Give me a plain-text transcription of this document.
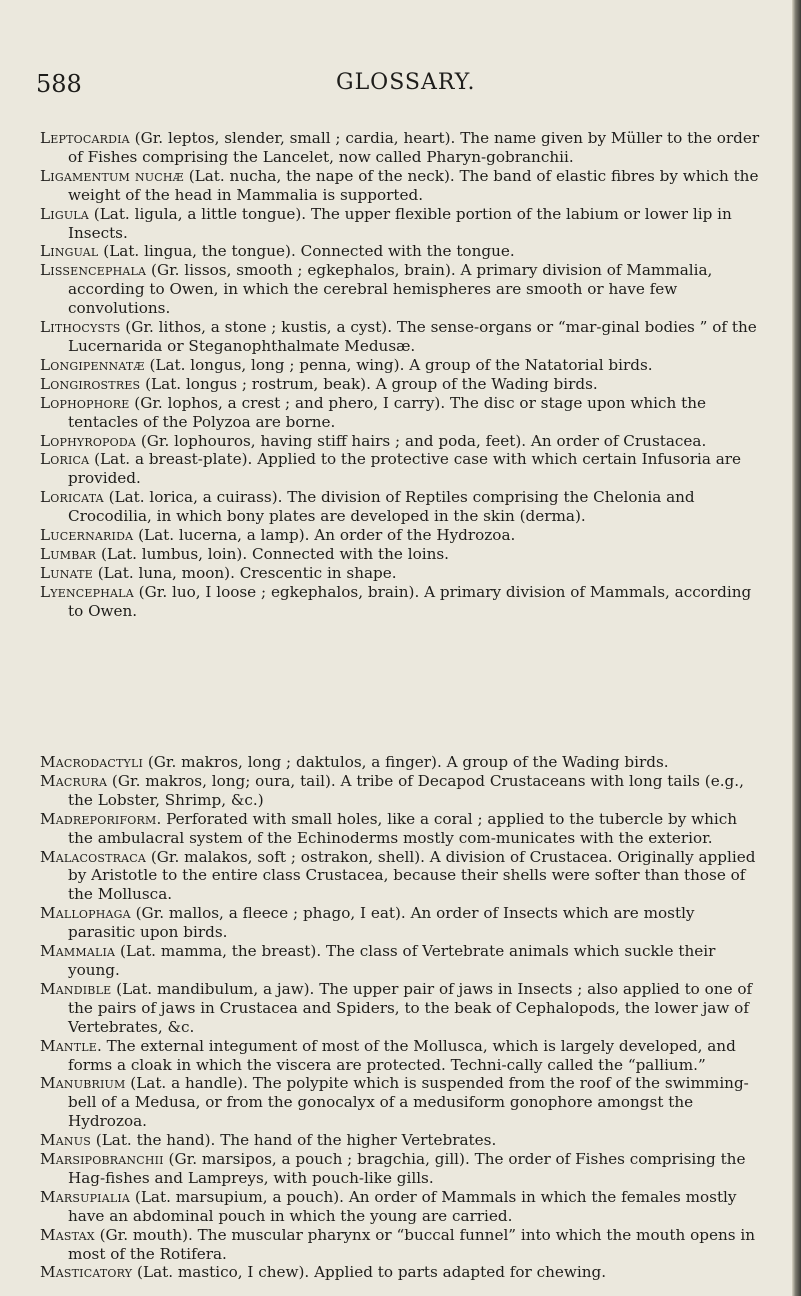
588	GLOSSARY.
Leptocardia (Gr. leptos, slender, small ; cardia, heart). The name given by Müller to the order of Fishes comprising the Lancelet, now called Pharyn-gobranchii.
Ligamentum nuchæ (Lat. nucha, the nape of the neck). The band of elastic fibres by which the weight of the head in Mammalia is supported.
Ligula (Lat. ligula, a little tongue). The upper flexible portion of the labium or lower lip in Insects.
Lingual (Lat. lingua, the tongue). Connected with the tongue.
Lissencephala (Gr. lissos, smooth ; egkephalos, brain). A primary division of Mammalia, according to Owen, in which the cerebral hemispheres are smooth or have few convolutions.
Lithocysts (Gr. lithos, a stone ; kustis, a cyst). The sense-organs or “mar-ginal bodies ” of the Lucernarida or Steganophthalmate Medusæ.
Longipennatæ (Lat. longus, long ; penna, wing). A group of the Natatorial birds.
Longirostres (Lat. longus ; rostrum, beak). A group of the Wading birds.
Lophophore (Gr. lophos, a crest ; and phero, I carry). The disc or stage upon which the tentacles of the Polyzoa are borne.
Lophyropoda (Gr. lophouros, having stiff hairs ; and poda, feet). An order of Crustacea.
Lorica (Lat. a breast-plate). Applied to the protective case with which certain Infusoria are provided.
Loricata (Lat. lorica, a cuirass). The division of Reptiles comprising the Chelonia and Crocodilia, in which bony plates are developed in the skin (derma).
Lucernarida (Lat. lucerna, a lamp). An order of the Hydrozoa.
Lumbar (Lat. lumbus, loin). Connected with the loins.
Lunate (Lat. luna, moon). Crescentic in shape.
Lyencephala (Gr. luo, I loose ; egkephalos, brain). A primary division of Mammals, according to Owen.
Macrodactyli (Gr. makros, long ; daktulos, a finger). A group of the Wading birds.
Macrura (Gr. makros, long; oura, tail). A tribe of Decapod Crustaceans with long tails (e.g., the Lobster, Shrimp, &c.)
Madreporiform. Perforated with small holes, like a coral ; applied to the tubercle by which the ambulacral system of the Echinoderms mostly com-municates with the exterior.
Malacostraca (Gr. malakos, soft ; ostrakon, shell). A division of Crustacea. Originally applied by Aristotle to the entire class Crustacea, because their shells were softer than those of the Mollusca.
Mallophaga (Gr. mallos, a fleece ; phago, I eat). An order of Insects which are mostly parasitic upon birds.
Mammalia (Lat. mamma, the breast). The class of Vertebrate animals which suckle their young.
Mandible (Lat. mandibulum, a jaw). The upper pair of jaws in Insects ; also applied to one of the pairs of jaws in Crustacea and Spiders, to the beak of Cephalopods, the lower jaw of Vertebrates, &c.
Mantle. The external integument of most of the Mollusca, which is largely developed, and forms a cloak in which the viscera are protected. Techni-cally called the “pallium.”
Manubrium (Lat. a handle). The polypite which is suspended from the roof of the swimming-bell of a Medusa, or from the gonocalyx of a medusiform gonophore amongst the Hydrozoa.
Manus (Lat. the hand). The hand of the higher Vertebrates.
Marsipobranchii (Gr. marsipos, a pouch ; bragchia, gill). The order of Fishes comprising the Hag-fishes and Lampreys, with pouch-like gills.
Marsupialia (Lat. marsupium, a pouch). An order of Mammals in which the females mostly have an abdominal pouch in which the young are carried.
Mastax (Gr. mouth). The muscular pharynx or “buccal funnel” into which the mouth opens in most of the Rotifera.
Masticatory (Lat. mastico, I chew). Applied to parts adapted for chewing.
